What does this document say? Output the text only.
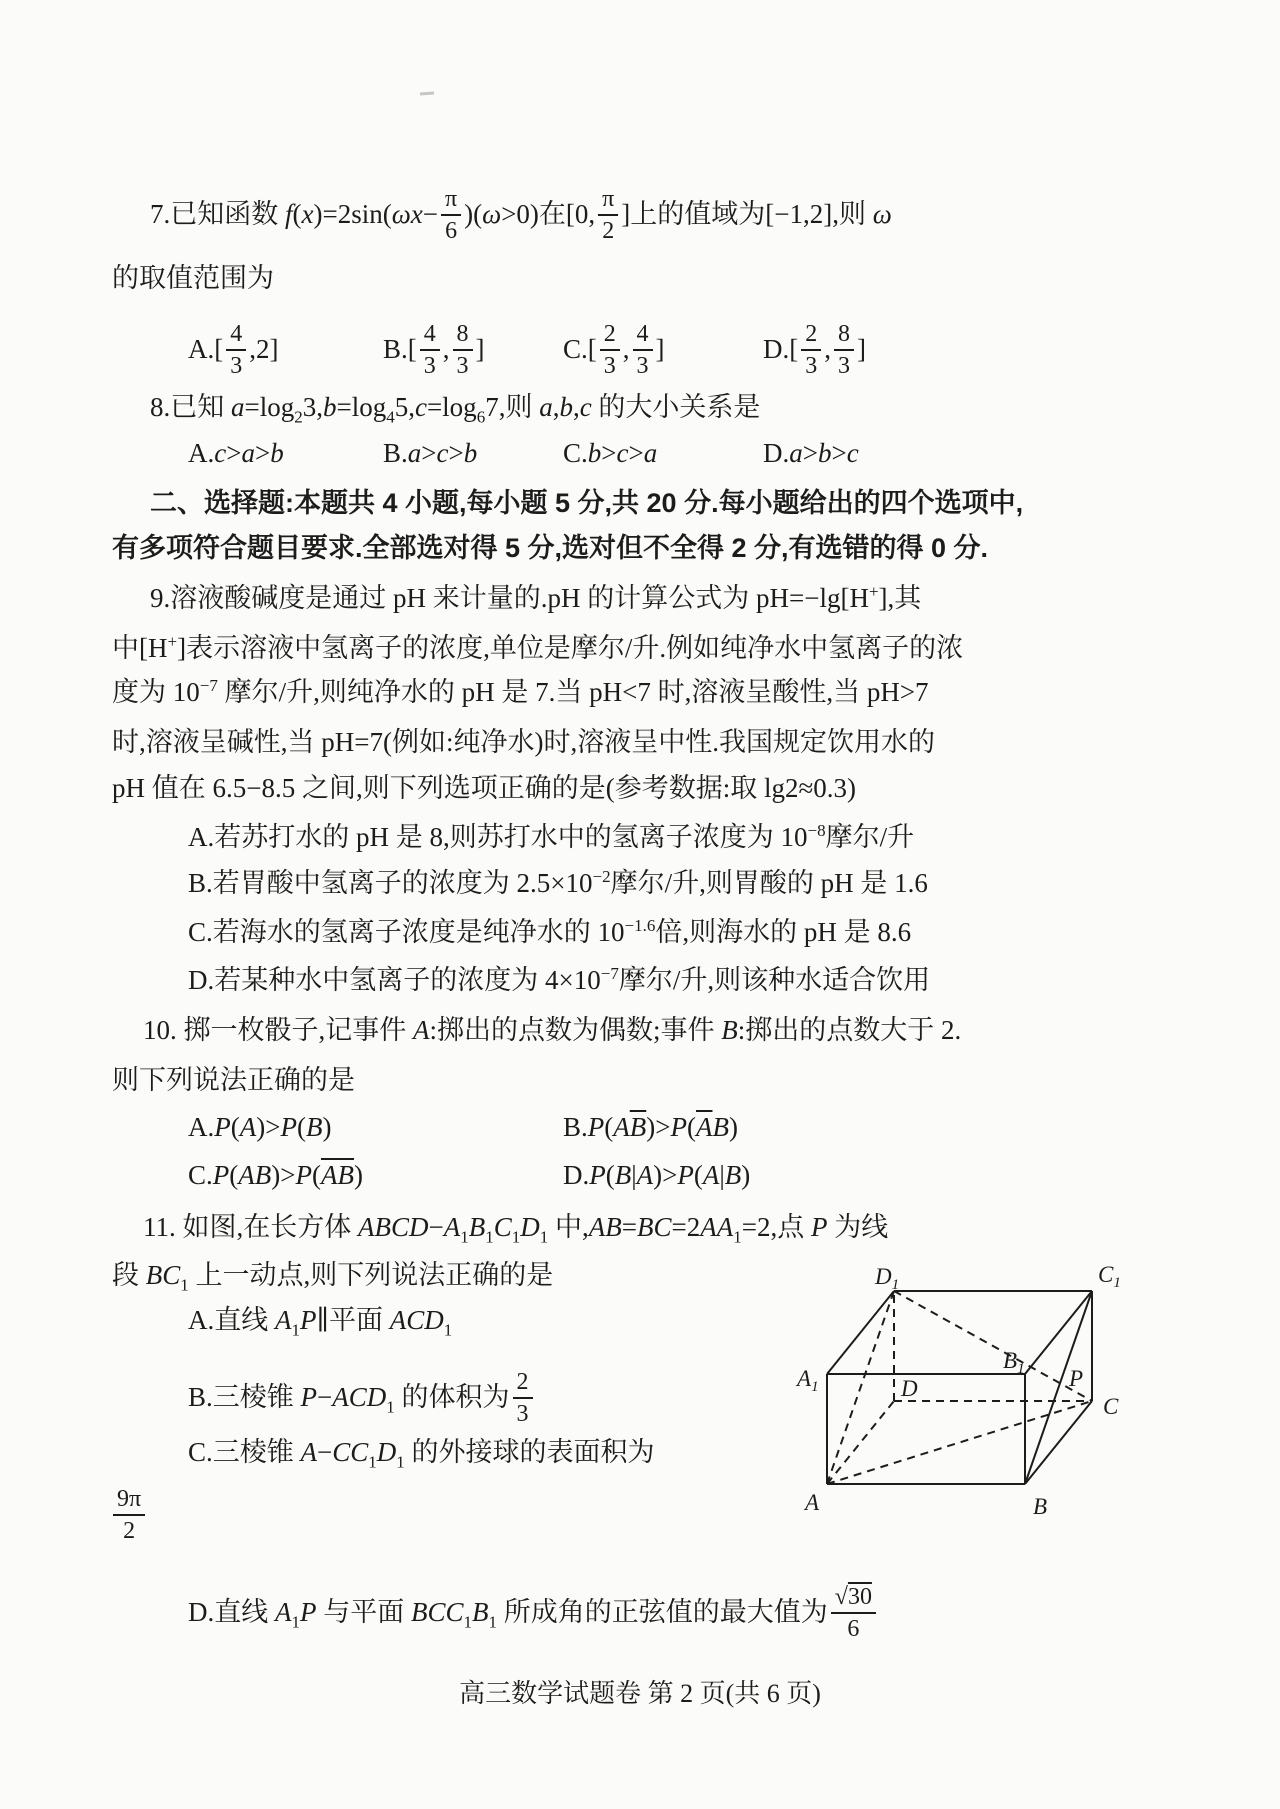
7.已知函数 $f(x)=2\sin(\omega x- \frac{\pi}{6} )(\omega>0)$在[0, $\frac{\pi}{2}$ ]上的值域为[−1,2],则 ω
的取值范围为
$A.[ \frac{4}{3} ,2]$	$B.[ \frac{4}{3}$ , $\frac{8}{3}$ ]	$C.[ \frac{2}{3}$ , $\frac{4}{3}$ ]	$D.[ \frac{2}{3}$ , $\frac{8}{3}$ ]
8.已知 $a=\log_23,b=\log_45,c=\log_67$,则 a,b,c 的大小关系是
A.c>a>b	B.a>c>b	C.b>c>a	D.a>b>c
二、选择题:本题共 4 小题,每小题 5 分,共 20 分.每小题给出的四个选项中,
有多项符合题目要求.全部选对得 5 分,选对但不全得 2 分,有选错的得 0 分.
9.溶液酸碱度是通过 pH 来计量的.pH 的计算公式为 pH=−lg[H+],其
中[H+]表示溶液中氢离子的浓度,单位是摩尔/升.例如纯净水中氢离子的浓
度为 $10^{-7}$ 摩尔/升,则纯净水的 pH 是 7.当 pH<7 时,溶液呈酸性,当 pH>7
时,溶液呈碱性,当 pH=7(例如:纯净水)时,溶液呈中性.我国规定饮用水的
pH 值在 6.5−8.5 之间,则下列选项正确的是(参考数据:取 lg2≈0.3)
A.若苏打水的 pH 是 8,则苏打水中的氢离子浓度为 $10^{-8}$摩尔/升
B.若胃酸中氢离子的浓度为 $2.5\times 10^{-2}$摩尔/升,则胃酸的 pH 是 1.6
C.若海水的氢离子浓度是纯净水的 $10^{-1.6}$倍,则海水的 pH 是 8.6
D.若某种水中氢离子的浓度为 $4\times 10^{-7}$摩尔/升,则该种水适合饮用
10. 掷一枚骰子,记事件 A:掷出的点数为偶数;事件 B:掷出的点数大于 2.
则下列说法正确的是
A.P(A)>P(B)	$B.P(A\overline{B})>P(\overline{A}B)$
$C.P(AB)>P(\overline{A}\overline{B})$	D.P(B|A)>P(A|B)
11. 如图,在长方体 $ABCD-A_1B_1C_1D_1$ 中$,AB=BC=2AA_1=2$,点 P 为线
段 $BC_1$ 上一动点,则下列说法正确的是
A.直线 $A_1P\parallel$平面 $ACD_1$
B.三棱锥 $P-ACD_1$ 的体积为 $\frac{2}{3}$
C.三棱锥 $A-CC_1D_1$ 的外接球的表面积为
$\frac{9\pi}{2}$
D.直线 $A_1P$ 与平面 $BCC_1B_1$ 所成角的正弦值的最大值为 $\frac{√30}{6}$
$D_1$	$C_1$
$A_1$
$B_1$ P
D
C
A	B
高三数学试题卷 第 2 页(共 6 页)
